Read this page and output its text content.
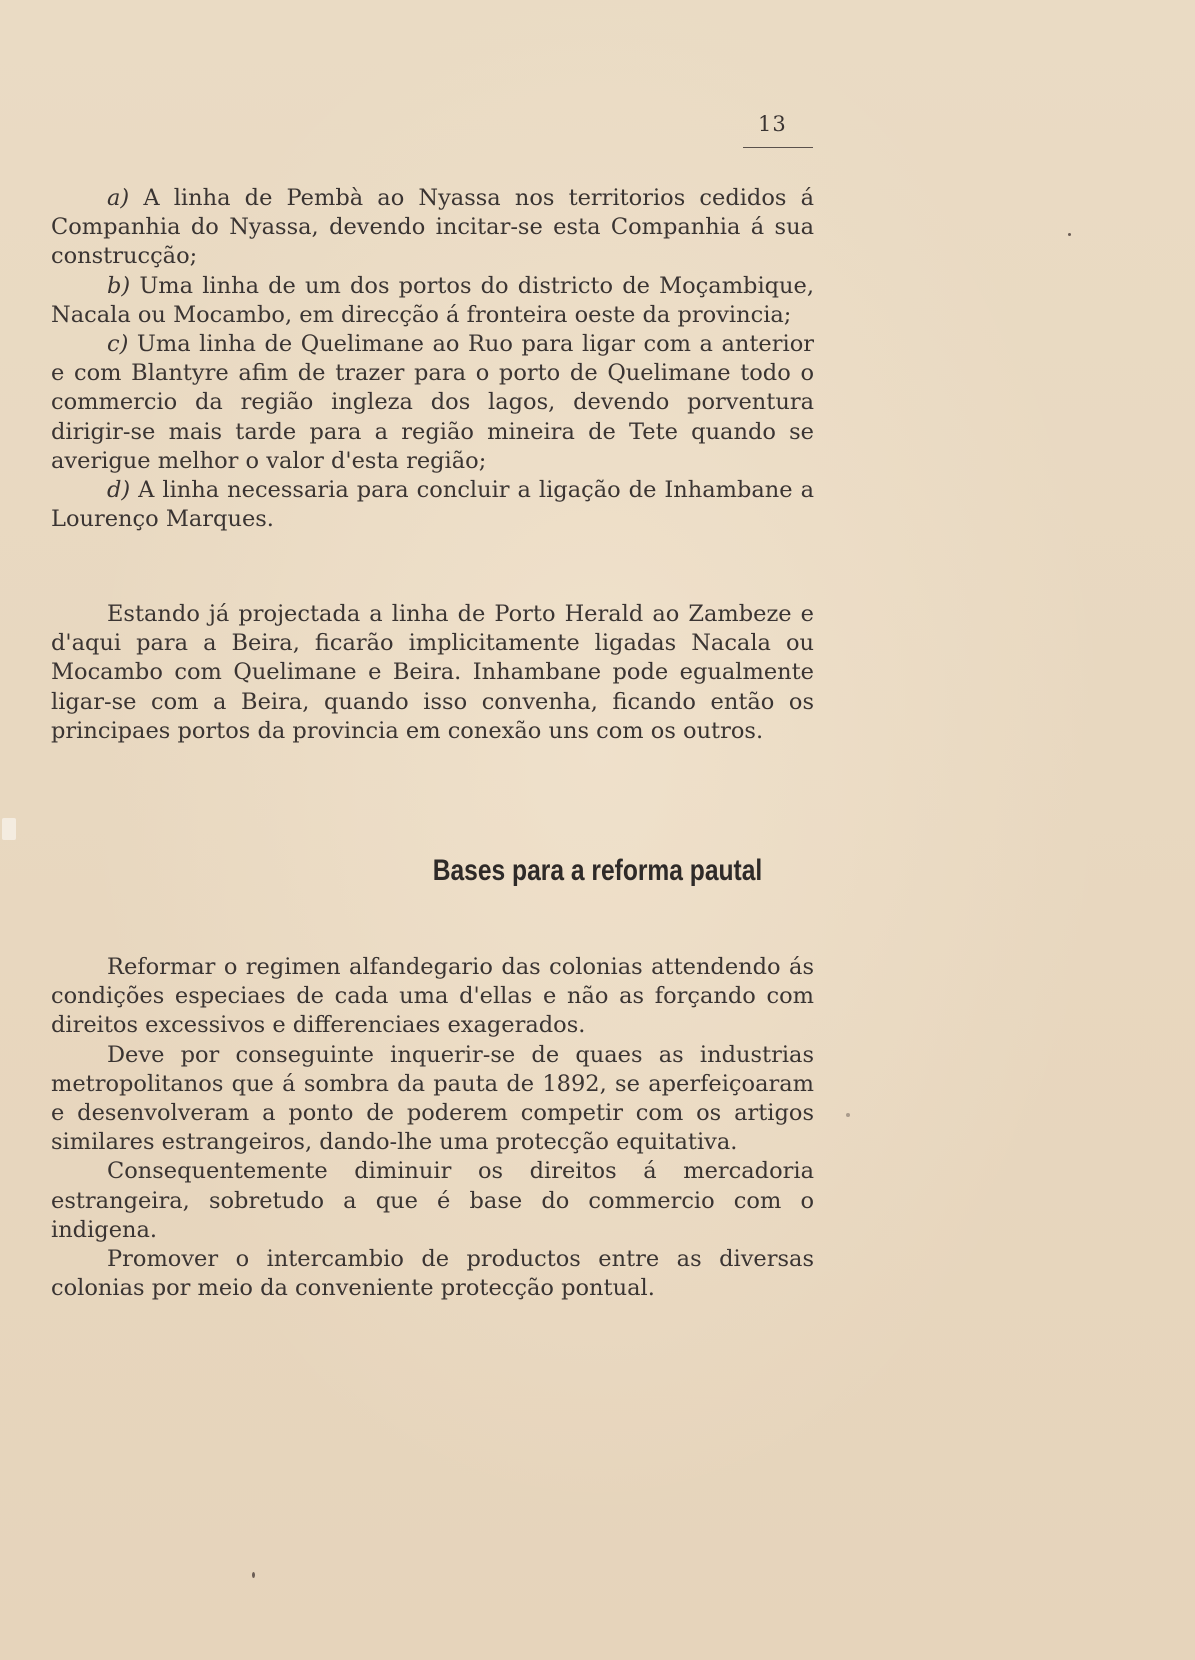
13

a) A linha de Pembà ao Nyassa nos territorios cedidos á Companhia do Nyassa, devendo incitar-se esta Companhia á sua construcção;

b) Uma linha de um dos portos do districto de Moçambique, Nacala ou Mocambo, em direcção á fronteira oeste da provincia;

c) Uma linha de Quelimane ao Ruo para ligar com a anterior e com Blantyre afim de trazer para o porto de Quelimane todo o commercio da região ingleza dos lagos, devendo porventura dirigir-se mais tarde para a região mineira de Tete quando se averigue melhor o valor d'esta região;

d) A linha necessaria para concluir a ligação de Inhambane a Lourenço Marques.

Estando já projectada a linha de Porto Herald ao Zambeze e d'aqui para a Beira, ficarão implicitamente ligadas Nacala ou Mocambo com Quelimane e Beira. Inhambane pode egualmente ligar-se com a Beira, quando isso convenha, ficando então os principaes portos da provincia em conexão uns com os outros.

Bases para a reforma pautal

Reformar o regimen alfandegario das colonias attendendo ás condições especiaes de cada uma d'ellas e não as forçando com direitos excessivos e differenciaes exagerados.

Deve por conseguinte inquerir-se de quaes as industrias metropolitanos que á sombra da pauta de 1892, se aperfeiçoaram e desenvolveram a ponto de poderem competir com os artigos similares estrangeiros, dando-lhe uma protecção equitativa.

Consequentemente diminuir os direitos á mercadoria estrangeira, sobretudo a que é base do commercio com o indigena.

Promover o intercambio de productos entre as diversas colonias por meio da conveniente protecção pontual.
